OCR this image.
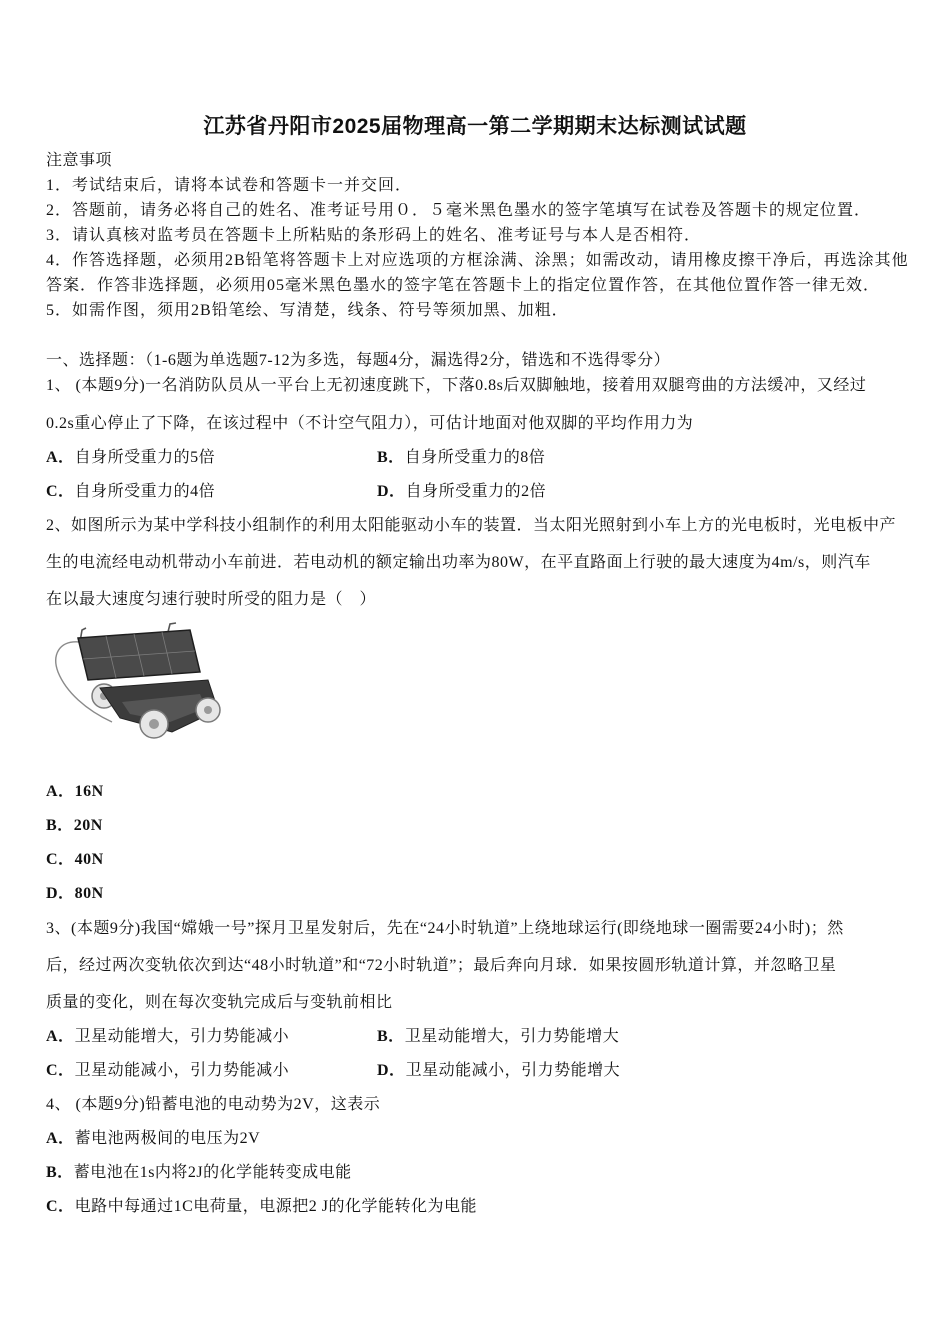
江苏省丹阳市2025届物理高一第二学期期末达标测试试题
注意事项
1．考试结束后，请将本试卷和答题卡一并交回．
2．答题前，请务必将自己的姓名、准考证号用０．５毫米黑色墨水的签字笔填写在试卷及答题卡的规定位置．
3．请认真核对监考员在答题卡上所粘贴的条形码上的姓名、准考证号与本人是否相符．
4．作答选择题，必须用2B铅笔将答题卡上对应选项的方框涂满、涂黑；如需改动，请用橡皮擦干净后，再选涂其他
答案．作答非选择题，必须用05毫米黑色墨水的签字笔在答题卡上的指定位置作答，在其他位置作答一律无效．
5．如需作图，须用2B铅笔绘、写清楚，线条、符号等须加黑、加粗．
一、选择题：（1-6题为单选题7-12为多选，每题4分，漏选得2分，错选和不选得零分）
1、 (本题9分)一名消防队员从一平台上无初速度跳下，下落0.8s后双脚触地，接着用双腿弯曲的方法缓冲，又经过
0.2s重心停止了下降，在该过程中（不计空气阻力），可估计地面对他双脚的平均作用力为
A．自身所受重力的5倍	B．自身所受重力的8倍
C．自身所受重力的4倍	D．自身所受重力的2倍
2、如图所示为某中学科技小组制作的利用太阳能驱动小车的装置．当太阳光照射到小车上方的光电板时，光电板中产
生的电流经电动机带动小车前进．若电动机的额定输出功率为80W，在平直路面上行驶的最大速度为4m/s，则汽车
在以最大速度匀速行驶时所受的阻力是（　）
A．16N
B．20N
C．40N
D．80N
3、(本题9分)我国“嫦娥一号”探月卫星发射后，先在“24小时轨道”上绕地球运行(即绕地球一圈需要24小时)；然
后，经过两次变轨依次到达“48小时轨道”和“72小时轨道”；最后奔向月球．如果按圆形轨道计算，并忽略卫星
质量的变化，则在每次变轨完成后与变轨前相比
A．卫星动能增大，引力势能减小	B．卫星动能增大，引力势能增大
C．卫星动能减小，引力势能减小	D．卫星动能减小，引力势能增大
4、 (本题9分)铅蓄电池的电动势为2V，这表示
A．蓄电池两极间的电压为2V
B．蓄电池在1s内将2J的化学能转变成电能
C．电路中每通过1C电荷量，电源把2 J的化学能转化为电能
